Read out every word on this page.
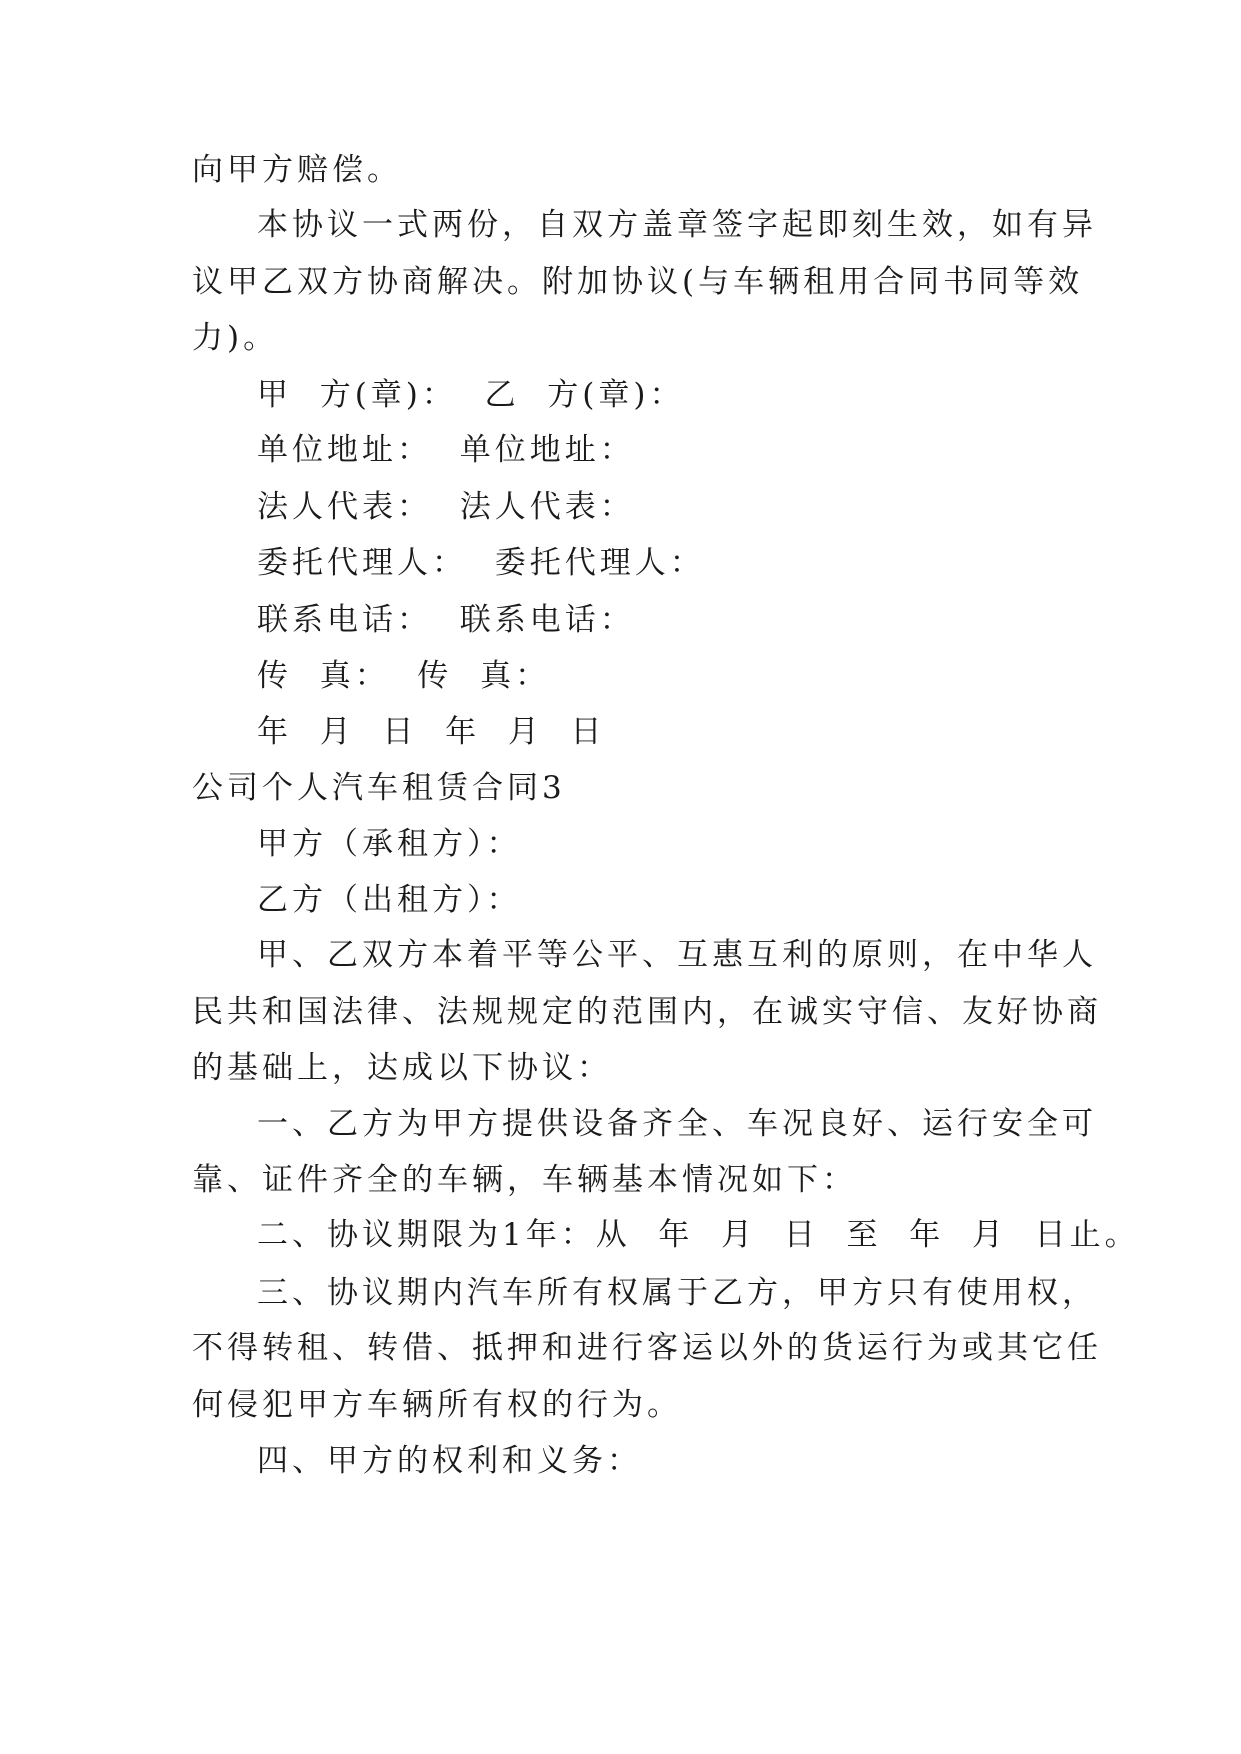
向甲方赔偿。
本协议一式两份，自双方盖章签字起即刻生效，如有异
议甲乙双方协商解决。附加协议(与车辆租用合同书同等效
力)。
甲  方(章)：  乙  方(章)：
单位地址：  单位地址：
法人代表：  法人代表：
委托代理人：  委托代理人：
联系电话：  联系电话：
传  真：  传  真：
年  月  日  年  月  日
公司个人汽车租赁合同3
甲方（承租方）：
乙方（出租方）：
甲、乙双方本着平等公平、互惠互利的原则，在中华人
民共和国法律、法规规定的范围内，在诚实守信、友好协商
的基础上，达成以下协议：
一、乙方为甲方提供设备齐全、车况良好、运行安全可
靠、证件齐全的车辆，车辆基本情况如下：
二、协议期限为1年：从  年  月  日  至  年  月  日止。
三、协议期内汽车所有权属于乙方，甲方只有使用权，
不得转租、转借、抵押和进行客运以外的货运行为或其它任
何侵犯甲方车辆所有权的行为。
四、甲方的权利和义务：
